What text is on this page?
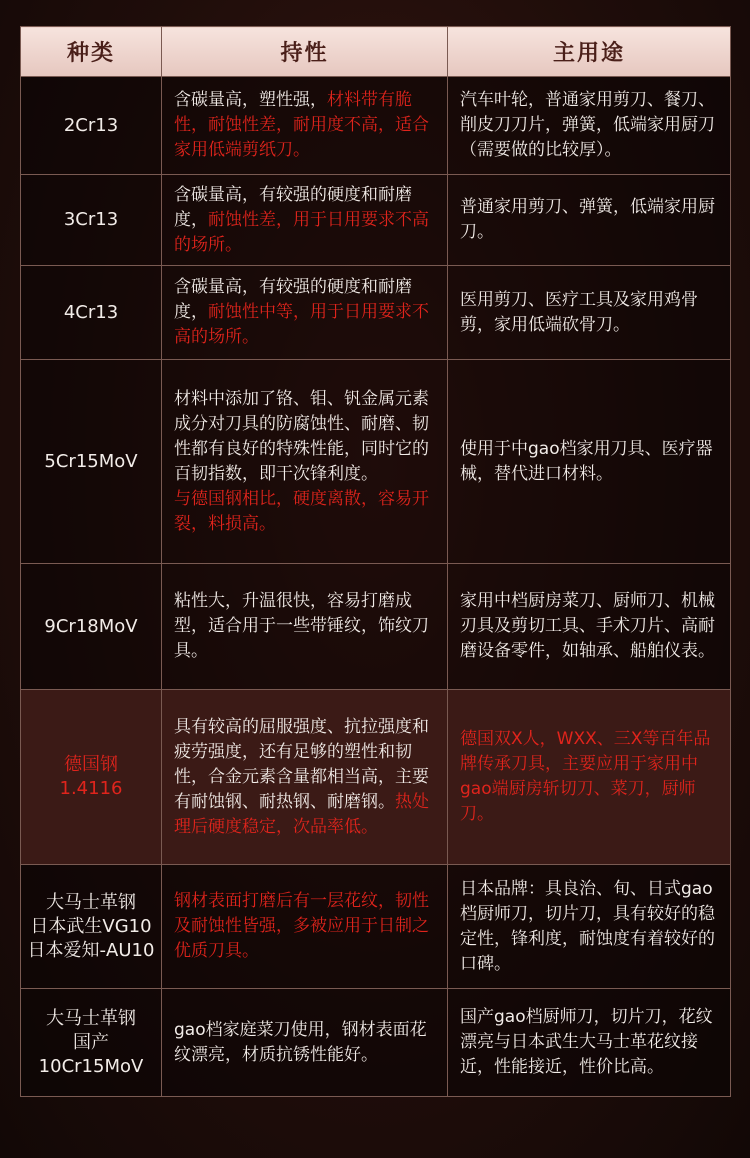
种类	持性	主用途

2Cr13	含碳量高，塑性强，材料带有脆性，耐蚀性差，耐用度不高，适合家用低端剪纸刀。	汽车叶轮，普通家用剪刀、餐刀、削皮刀刀片，弹簧，低端家用厨刀（需要做的比较厚）。

3Cr13	含碳量高，有较强的硬度和耐磨度，耐蚀性差，用于日用要求不高的场所。	普通家用剪刀、弹簧，低端家用厨刀。

4Cr13	含碳量高，有较强的硬度和耐磨度，耐蚀性中等，用于日用要求不高的场所。	医用剪刀、医疗工具及家用鸡骨剪，家用低端砍骨刀。

5Cr15MoV	材料中添加了铬、钼、钒金属元素成分对刀具的防腐蚀性、耐磨、韧性都有良好的特殊性能，同时它的百韧指数，即干次锋利度。
与德国钢相比，硬度离散，容易开裂，料损高。	使用于中gao档家用刀具、医疗器械，替代进口材料。

9Cr18MoV	粘性大，升温很快，容易打磨成型，适合用于一些带锤纹，饰纹刀具。	家用中档厨房菜刀、厨师刀、机械刃具及剪切工具、手术刀片、高耐磨设备零件，如轴承、船舶仪表。

德国钢
1.4116	具有较高的屈服强度、抗拉强度和疲劳强度，还有足够的塑性和韧性，合金元素含量都相当高，主要有耐蚀钢、耐热钢、耐磨钢。热处理后硬度稳定，次品率低。	德国双X人，WXX、三X等百年品牌传承刀具，主要应用于家用中gao端厨房斩切刀、菜刀，厨师刀。

大马士革钢
日本武生VG10
日本爱知-AU10	钢材表面打磨后有一层花纹，韧性及耐蚀性皆强，多被应用于日制之优质刀具。	日本品牌：具良治、旬、日式gao档厨师刀，切片刀，具有较好的稳定性，锋利度，耐蚀度有着较好的口碑。

大马士革钢
国产10Cr15MoV	gao档家庭菜刀使用，钢材表面花纹漂亮，材质抗锈性能好。	国产gao档厨师刀，切片刀，花纹漂亮与日本武生大马士革花纹接近，性能接近，性价比高。
